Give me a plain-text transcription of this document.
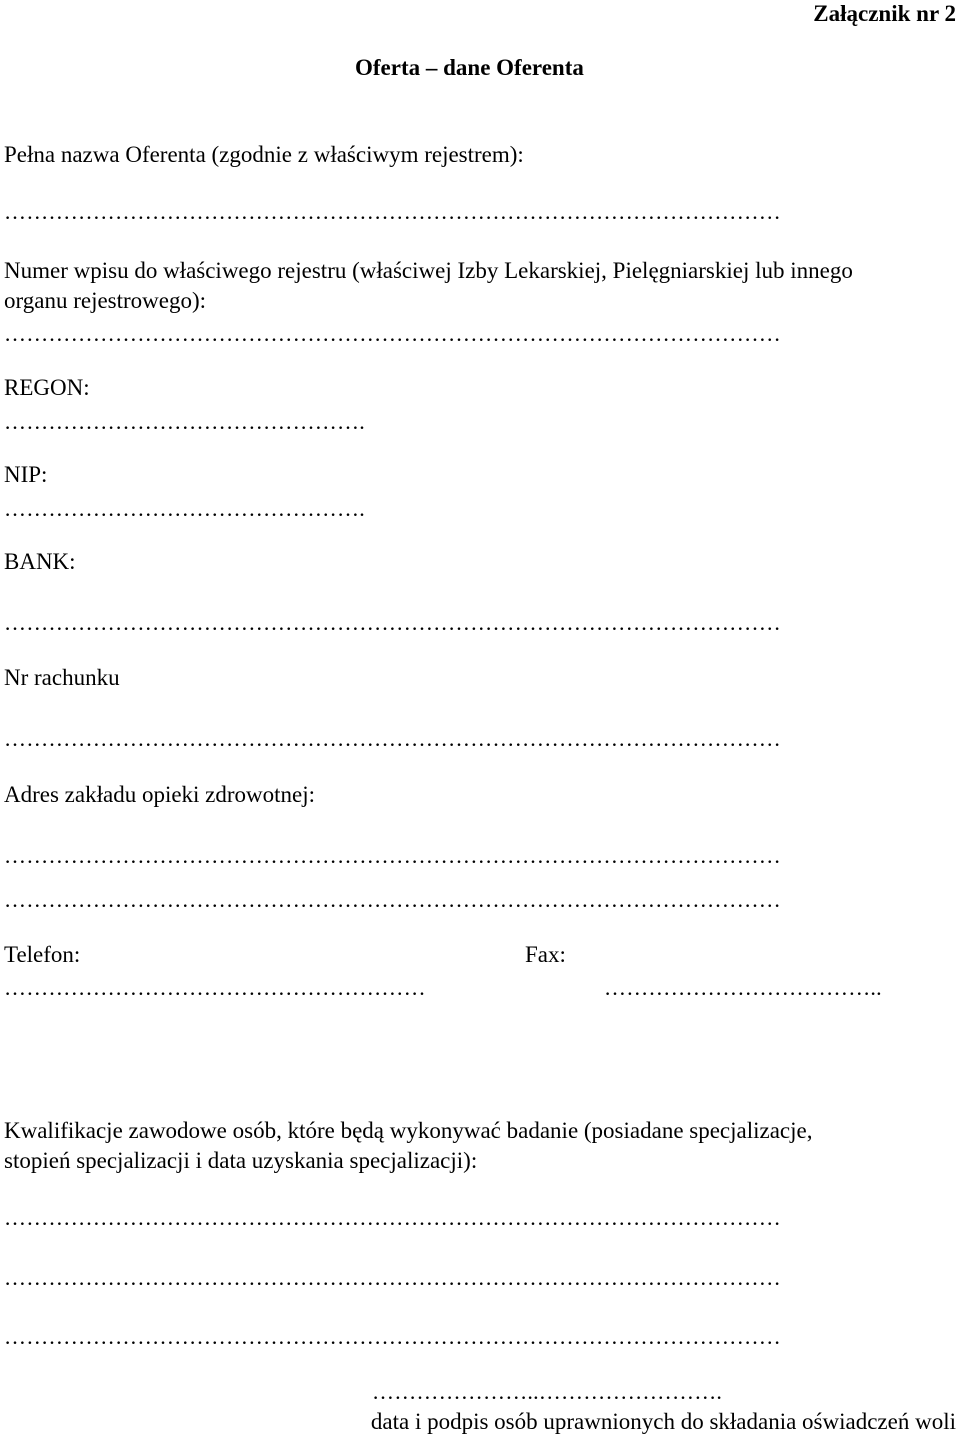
Załącznik nr 2
Oferta – dane Oferenta
Pełna nazwa Oferenta (zgodnie z właściwym rejestrem):
……………………………………………………………………………………………
Numer wpisu do właściwego rejestru (właściwej Izby Lekarskiej, Pielęgniarskiej lub innego
organu rejestrowego):
……………………………………………………………………………………………
REGON:
………………………………………….
NIP:
………………………………………….
BANK:
……………………………………………………………………………………………
Nr rachunku
……………………………………………………………………………………………
Adres zakładu opieki zdrowotnej:
……………………………………………………………………………………………
……………………………………………………………………………………………
Telefon:	Fax:
…………………………………………………	………………………………..
Kwalifikacje zawodowe osób, które będą wykonywać badanie (posiadane specjalizacje,
stopień specjalizacji i data uzyskania specjalizacji):
……………………………………………………………………………………………
……………………………………………………………………………………………
……………………………………………………………………………………………
…………………..…………………….
data i podpis osób uprawnionych do składania oświadczeń woli
